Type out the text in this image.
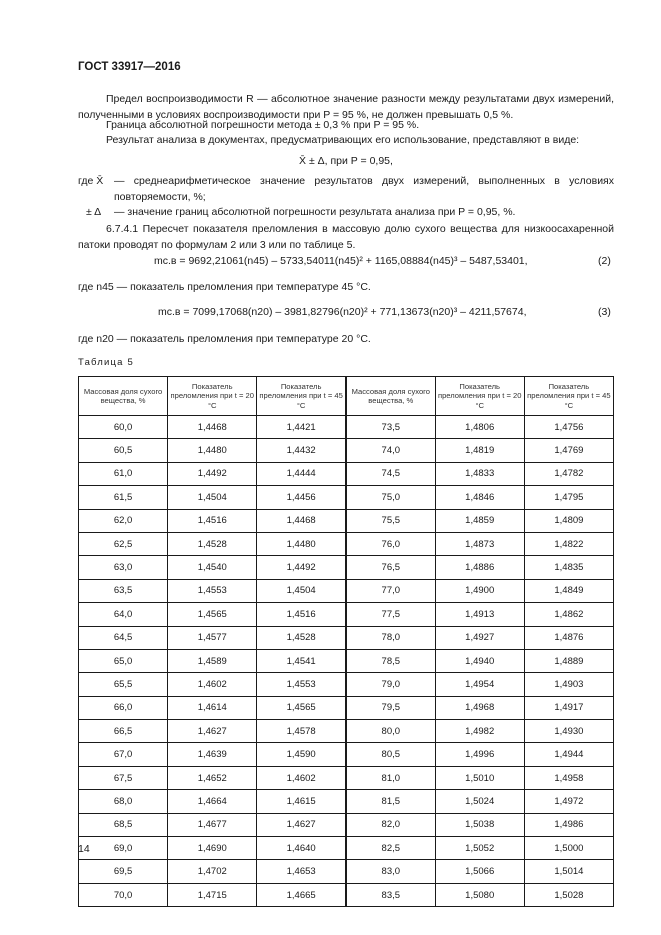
ГОСТ 33917—2016
Предел воспроизводимости R — абсолютное значение разности между результатами двух измерений, полученными в условиях воспроизводимости при P = 95 %, не должен превышать 0,5 %.
Граница абсолютной погрешности метода ± 0,3 % при P = 95 %.
Результат анализа в документах, предусматривающих его использование, представляют в виде:
X̄ ± Δ, при P = 0,95,
где X̄	— среднеарифметическое значение результатов двух измерений, выполненных в условиях повторяемости, %;
± Δ	— значение границ абсолютной погрешности результата анализа при P = 0,95, %.
6.7.4.1 Пересчет показателя преломления в массовую долю сухого вещества для низкоосахаренной патоки проводят по формулам 2 или 3 или по таблице 5.
mс.в = 9692,21061(n45) – 5733,54011(n45)² + 1165,08884(n45)³ – 5487,53401,	(2)
где n45 — показатель преломления при температуре 45 °С.
mс.в = 7099,17068(n20) – 3981,82796(n20)² + 771,13673(n20)³ – 4211,57674,	(3)
где n20 — показатель преломления при температуре 20 °С.
Таблица 5
Массовая доля сухого вещества, %	Показатель преломления при t = 20 °С	Показатель преломления при t = 45 °С	Массовая доля сухого вещества, %	Показатель преломления при t = 20 °С	Показатель преломления при t = 45 °С
60,0	1,4468	1,4421	73,5	1,4806	1,4756
60,5	1,4480	1,4432	74,0	1,4819	1,4769
61,0	1,4492	1,4444	74,5	1,4833	1,4782
61,5	1,4504	1,4456	75,0	1,4846	1,4795
62,0	1,4516	1,4468	75,5	1,4859	1,4809
62,5	1,4528	1,4480	76,0	1,4873	1,4822
63,0	1,4540	1,4492	76,5	1,4886	1,4835
63,5	1,4553	1,4504	77,0	1,4900	1,4849
64,0	1,4565	1,4516	77,5	1,4913	1,4862
64,5	1,4577	1,4528	78,0	1,4927	1,4876
65,0	1,4589	1,4541	78,5	1,4940	1,4889
65,5	1,4602	1,4553	79,0	1,4954	1,4903
66,0	1,4614	1,4565	79,5	1,4968	1,4917
66,5	1,4627	1,4578	80,0	1,4982	1,4930
67,0	1,4639	1,4590	80,5	1,4996	1,4944
67,5	1,4652	1,4602	81,0	1,5010	1,4958
68,0	1,4664	1,4615	81,5	1,5024	1,4972
68,5	1,4677	1,4627	82,0	1,5038	1,4986
69,0	1,4690	1,4640	82,5	1,5052	1,5000
69,5	1,4702	1,4653	83,0	1,5066	1,5014
70,0	1,4715	1,4665	83,5	1,5080	1,5028
14
